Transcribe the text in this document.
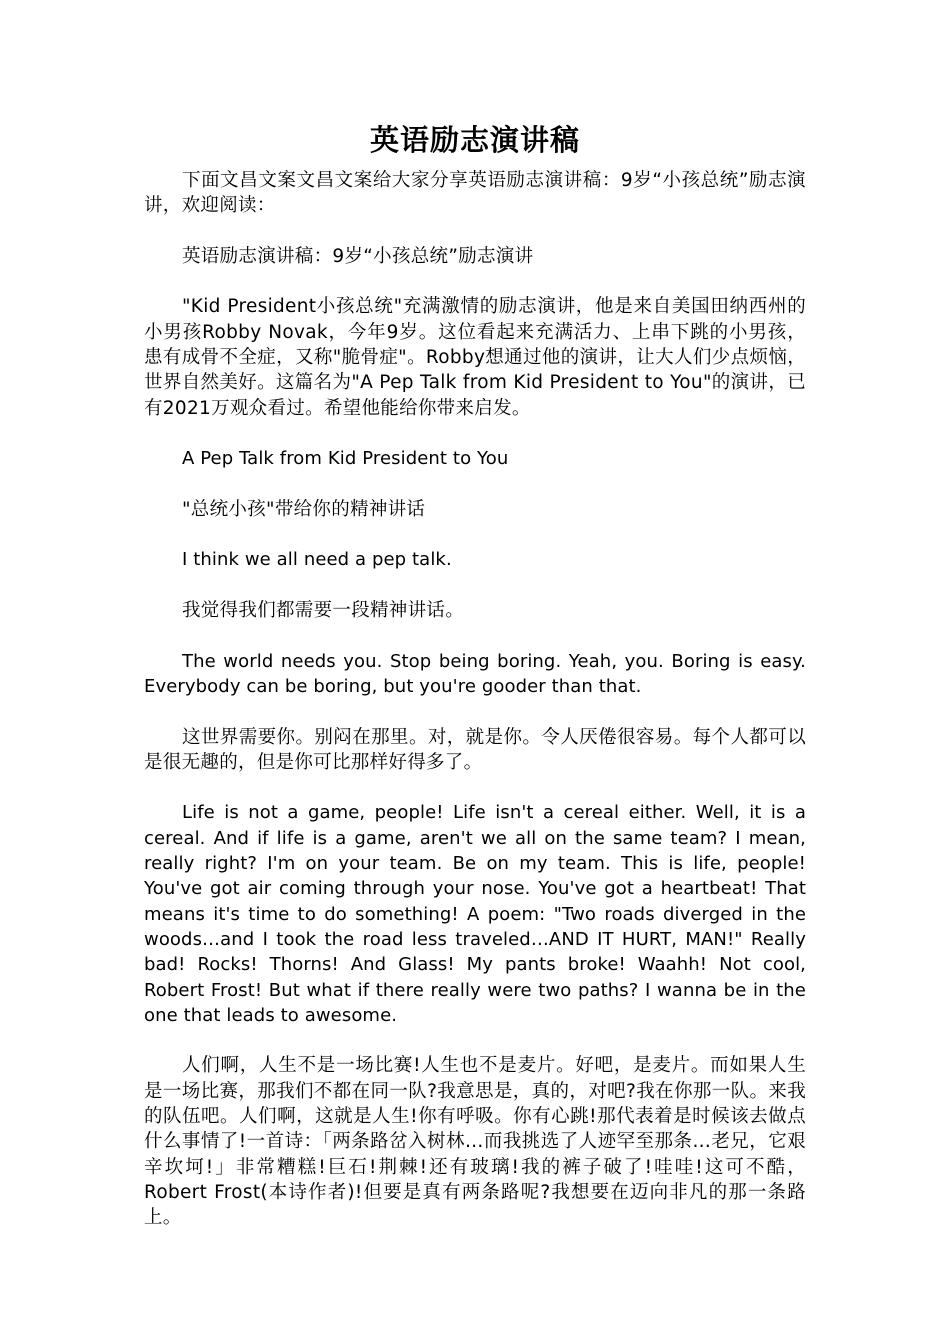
英语励志演讲稿

下面文昌文案文昌文案给大家分享英语励志演讲稿：9岁“小孩总统”励志演讲，欢迎阅读：

英语励志演讲稿：9岁“小孩总统”励志演讲

"Kid President小孩总统"充满激情的励志演讲，他是来自美国田纳西州的小男孩Robby Novak，今年9岁。这位看起来充满活力、上串下跳的小男孩，患有成骨不全症，又称"脆骨症"。Robby想通过他的演讲，让大人们少点烦恼，世界自然美好。这篇名为"A Pep Talk from Kid President to You"的演讲，已有2021万观众看过。希望他能给你带来启发。

A Pep Talk from Kid President to You

"总统小孩"带给你的精神讲话

I think we all need a pep talk.

我觉得我们都需要一段精神讲话。

The world needs you. Stop being boring. Yeah, you. Boring is easy. Everybody can be boring, but you're gooder than that.

这世界需要你。别闷在那里。对，就是你。令人厌倦很容易。每个人都可以是很无趣的，但是你可比那样好得多了。

Life is not a game, people! Life isn't a cereal either. Well, it is a cereal. And if life is a game, aren't we all on the same team? I mean, really right? I'm on your team. Be on my team. This is life, people! You've got air coming through your nose. You've got a heartbeat! That means it's time to do something! A poem: "Two roads diverged in the woods…and I took the road less traveled…AND IT HURT, MAN!" Really bad! Rocks! Thorns! And Glass! My pants broke! Waahh! Not cool, Robert Frost! But what if there really were two paths? I wanna be in the one that leads to awesome.

人们啊，人生不是一场比赛!人生也不是麦片。好吧，是麦片。而如果人生是一场比赛，那我们不都在同一队?我意思是，真的，对吧?我在你那一队。来我的队伍吧。人们啊，这就是人生!你有呼吸。你有心跳!那代表着是时候该去做点什么事情了!一首诗：「两条路岔入树林…而我挑选了人迹罕至那条…老兄，它艰辛坎坷!」非常糟糕!巨石!荆棘!还有玻璃!我的裤子破了!哇哇!这可不酷，Robert Frost(本诗作者)!但要是真有两条路呢?我想要在迈向非凡的那一条路上。
